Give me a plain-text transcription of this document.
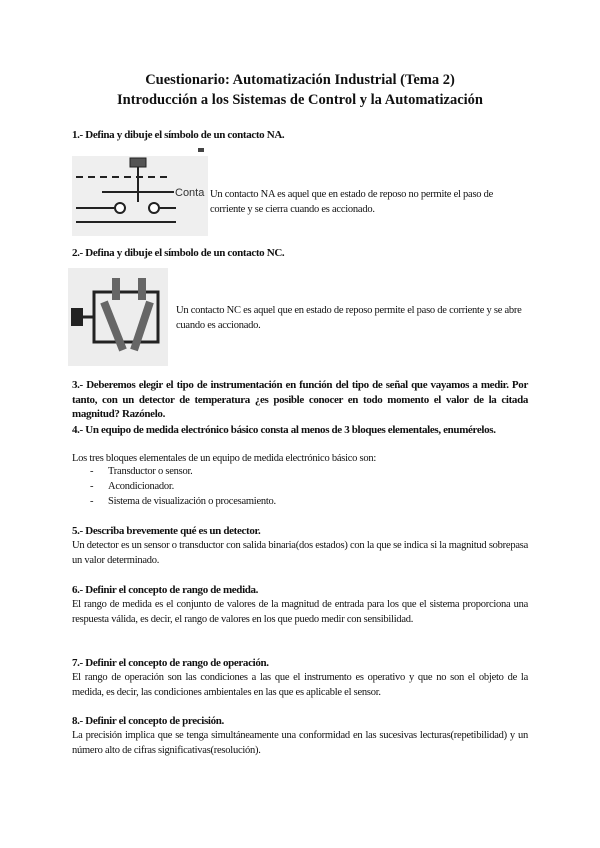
Cuestionario: Automatización Industrial (Tema 2)
Introducción a los Sistemas de Control y la Automatización
1.- Defina y dibuje el símbolo de un contacto NA.
Conta Un contacto NA es aquel que en estado de reposo no permite el paso de corriente y se cierra cuando es accionado.
2.- Defina y dibuje el símbolo de un contacto NC.
Un contacto NC es aquel que en estado de reposo permite el paso de corriente y se abre cuando es accionado.
3.- Deberemos elegir el tipo de instrumentación en función del tipo de señal que vayamos a medir. Por tanto, con un detector de temperatura ¿es posible conocer en todo momento el valor de la citada magnitud? Razónelo.
4.- Un equipo de medida electrónico básico consta al menos de 3 bloques elementales, enumérelos.
Los tres bloques elementales de un equipo de medida electrónico básico son:
- Transductor o sensor.
- Acondicionador.
- Sistema de visualización o procesamiento.
5.- Describa brevemente qué es un detector.
Un detector es un sensor o transductor con salida binaria(dos estados) con la que se indica si la magnitud sobrepasa un valor determinado.
6.- Definir el concepto de rango de medida.
El rango de medida es el conjunto de valores de la magnitud de entrada para los que el sistema proporciona una respuesta válida, es decir, el rango de valores en los que puedo medir con sensibilidad.
7.- Definir el concepto de rango de operación.
El rango de operación son las condiciones a las que el instrumento es operativo y que no son el objeto de la medida, es decir, las condiciones ambientales en las que es aplicable el sensor.
8.- Definir el concepto de precisión.
La precisión implica que se tenga simultáneamente una conformidad en las sucesivas lecturas(repetibilidad) y un número alto de cifras significativas(resolución).
